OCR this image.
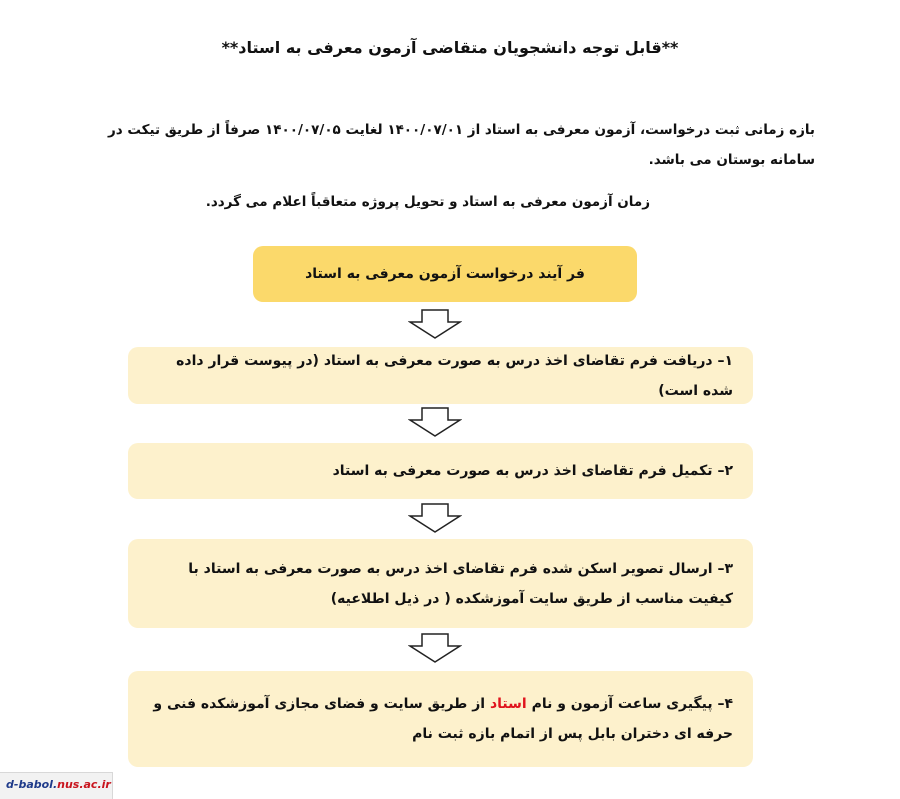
**قابل توجه دانشجویان متقاضی آزمون معرفی به استاد**
بازه زمانی ثبت درخواست، آزمون معرفی به استاد از ۱۴۰۰/۰۷/۰۱ لغایت ۱۴۰۰/۰۷/۰۵ صرفاً از طریق تیکت در سامانه بوستان می باشد.
زمان آزمون معرفی به استاد و تحویل پروژه متعاقباً اعلام می گردد.
فر آیند درخواست آزمون معرفی به استاد
۱– دریافت فرم تقاضای اخذ درس به صورت معرفی به استاد (در پیوست قرار داده شده است)
۲– تکمیل فرم تقاضای اخذ درس به صورت معرفی به استاد
۳– ارسال تصویر اسکن شده فرم تقاضای اخذ درس به صورت معرفی به استاد با کیفیت مناسب از طریق سایت آموزشکده ( در ذیل اطلاعیه)
۴– پیگیری ساعت آزمون و نام استاد از طریق سایت و فضای مجازی آموزشکده فنی و حرفه ای دختران بابل پس از اتمام بازه ثبت نام
d-babol.nus.ac.ir
